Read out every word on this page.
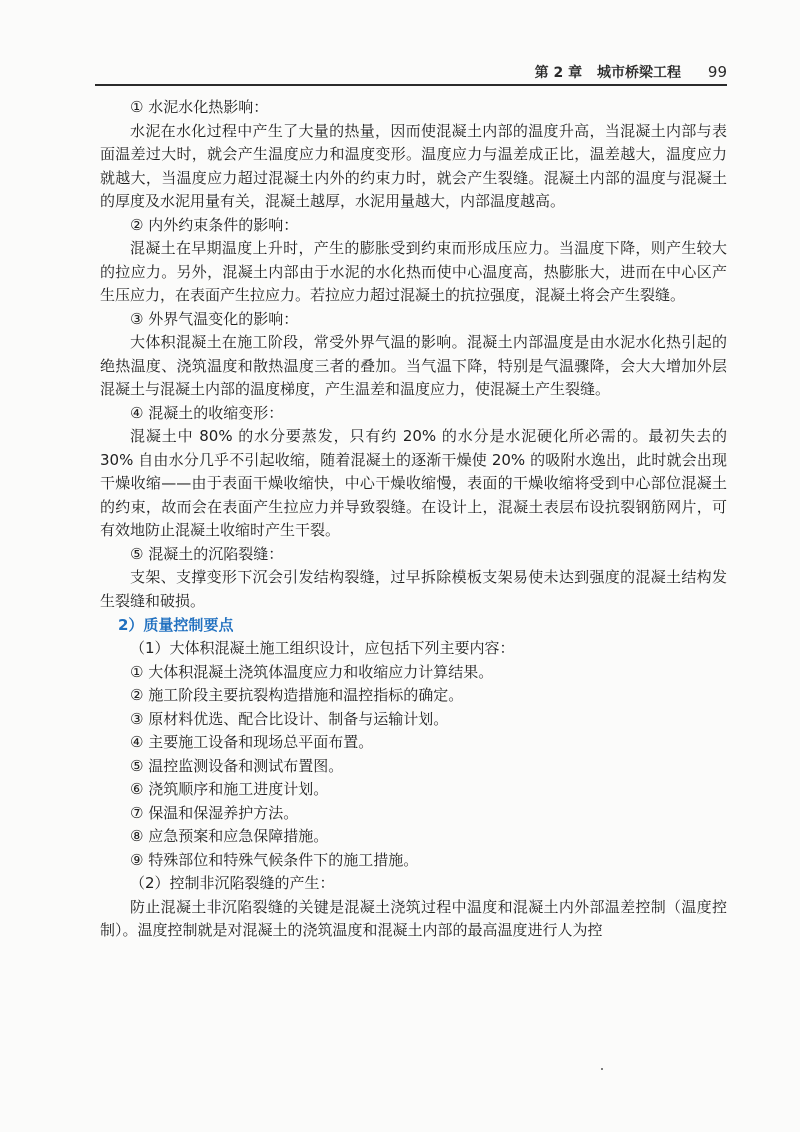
第 2 章 城市桥梁工程 99

① 水泥水化热影响：

水泥在水化过程中产生了大量的热量，因而使混凝土内部的温度升高，当混凝土内部与表面温差过大时，就会产生温度应力和温度变形。温度应力与温差成正比，温差越大，温度应力就越大，当温度应力超过混凝土内外的约束力时，就会产生裂缝。混凝土内部的温度与混凝土的厚度及水泥用量有关，混凝土越厚，水泥用量越大，内部温度越高。

② 内外约束条件的影响：

混凝土在早期温度上升时，产生的膨胀受到约束而形成压应力。当温度下降，则产生较大的拉应力。另外，混凝土内部由于水泥的水化热而使中心温度高，热膨胀大，进而在中心区产生压应力，在表面产生拉应力。若拉应力超过混凝土的抗拉强度，混凝土将会产生裂缝。

③ 外界气温变化的影响：

大体积混凝土在施工阶段，常受外界气温的影响。混凝土内部温度是由水泥水化热引起的绝热温度、浇筑温度和散热温度三者的叠加。当气温下降，特别是气温骤降，会大大增加外层混凝土与混凝土内部的温度梯度，产生温差和温度应力，使混凝土产生裂缝。

④ 混凝土的收缩变形：

混凝土中 80% 的水分要蒸发，只有约 20% 的水分是水泥硬化所必需的。最初失去的 30% 自由水分几乎不引起收缩，随着混凝土的逐渐干燥使 20% 的吸附水逸出，此时就会出现干燥收缩——由于表面干燥收缩快，中心干燥收缩慢，表面的干燥收缩将受到中心部位混凝土的约束，故而会在表面产生拉应力并导致裂缝。在设计上，混凝土表层布设抗裂钢筋网片，可有效地防止混凝土收缩时产生干裂。

⑤ 混凝土的沉陷裂缝：

支架、支撑变形下沉会引发结构裂缝，过早拆除模板支架易使未达到强度的混凝土结构发生裂缝和破损。

2）质量控制要点

（1）大体积混凝土施工组织设计，应包括下列主要内容：

① 大体积混凝土浇筑体温度应力和收缩应力计算结果。

② 施工阶段主要抗裂构造措施和温控指标的确定。

③ 原材料优选、配合比设计、制备与运输计划。

④ 主要施工设备和现场总平面布置。

⑤ 温控监测设备和测试布置图。

⑥ 浇筑顺序和施工进度计划。

⑦ 保温和保湿养护方法。

⑧ 应急预案和应急保障措施。

⑨ 特殊部位和特殊气候条件下的施工措施。

（2）控制非沉陷裂缝的产生：

防止混凝土非沉陷裂缝的关键是混凝土浇筑过程中温度和混凝土内外部温差控制（温度控制）。温度控制就是对混凝土的浇筑温度和混凝土内部的最高温度进行人为控
